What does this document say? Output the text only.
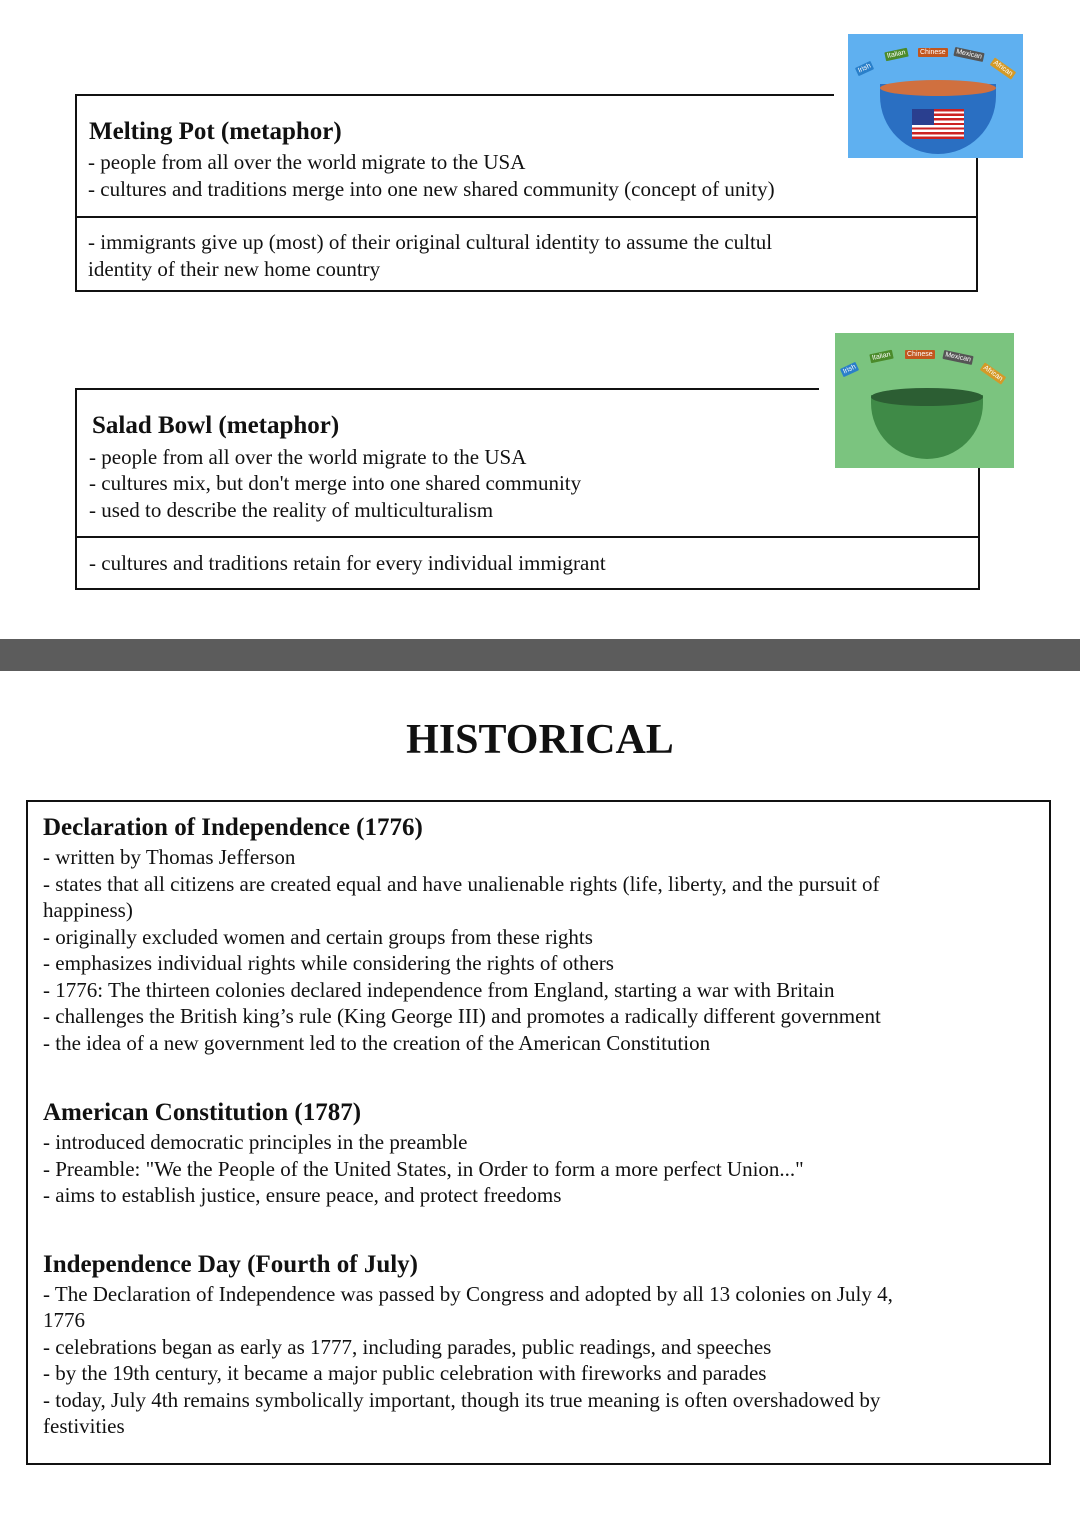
Melting Pot (metaphor)
- people from all over the world migrate to the USA
- cultures and traditions merge into one new shared community (concept of unity)
- immigrants give up (most) of their original cultural identity to assume the cultul
identity of their new home country
Irish
Italian	Chinese	Mexican
African
Salad Bowl (metaphor)
- people from all over the world migrate to the USA
- cultures mix, but don't merge into one shared community
- used to describe the reality of multiculturalism
- cultures and traditions retain for every individual immigrant
Irish
Italian	Chinese	Mexican
African
HISTORICAL
Declaration of Independence (1776)
- written by Thomas Jefferson
- states that all citizens are created equal and have unalienable rights (life, liberty, and the pursuit of
happiness)
- originally excluded women and certain groups from these rights
- emphasizes individual rights while considering the rights of others
- 1776: The thirteen colonies declared independence from England, starting a war with Britain
- challenges the British king’s rule (King George III) and promotes a radically different government
- the idea of a new government led to the creation of the American Constitution
American Constitution (1787)
- introduced democratic principles in the preamble
- Preamble: "We the People of the United States, in Order to form a more perfect Union..."
- aims to establish justice, ensure peace, and protect freedoms
Independence Day (Fourth of July)
- The Declaration of Independence was passed by Congress and adopted by all 13 colonies on July 4,
1776
- celebrations began as early as 1777, including parades, public readings, and speeches
- by the 19th century, it became a major public celebration with fireworks and parades
- today, July 4th remains symbolically important, though its true meaning is often overshadowed by
festivities
